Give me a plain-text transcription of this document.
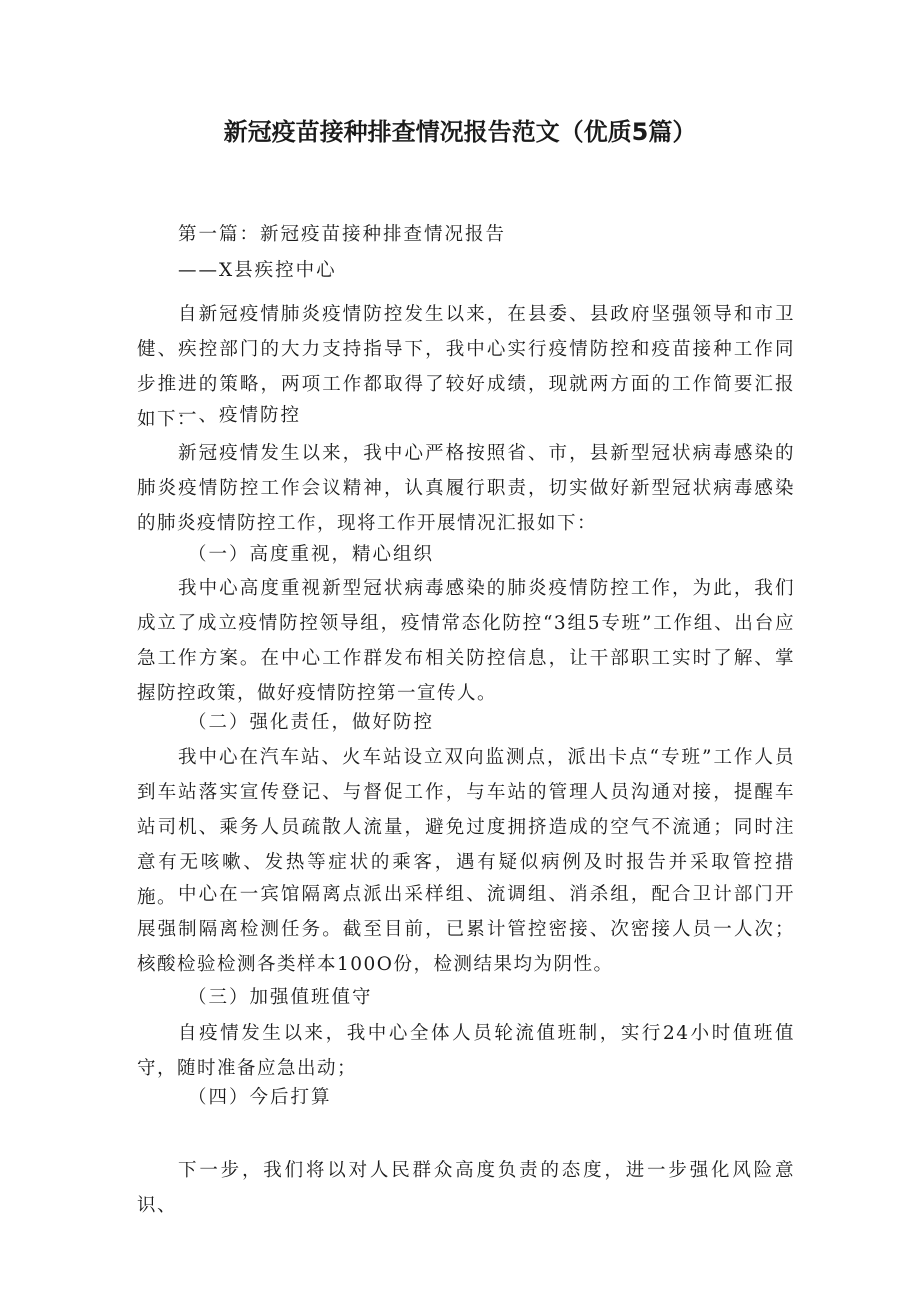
新冠疫苗接种排查情况报告范文（优质5篇）
第一篇：新冠疫苗接种排查情况报告
——X县疾控中心
自新冠疫情肺炎疫情防控发生以来，在县委、县政府坚强领导和市卫健、疾控部门的大力支持指导下，我中心实行疫情防控和疫苗接种工作同步推进的策略，两项工作都取得了较好成绩，现就两方面的工作简要汇报如下：
一、疫情防控
新冠疫情发生以来，我中心严格按照省、市，县新型冠状病毒感染的肺炎疫情防控工作会议精神，认真履行职责，切实做好新型冠状病毒感染的肺炎疫情防控工作，现将工作开展情况汇报如下：
（一）高度重视，精心组织
我中心高度重视新型冠状病毒感染的肺炎疫情防控工作，为此，我们成立了成立疫情防控领导组，疫情常态化防控“3组5专班”工作组、出台应急工作方案。在中心工作群发布相关防控信息，让干部职工实时了解、掌握防控政策，做好疫情防控第一宣传人。
（二）强化责任，做好防控
我中心在汽车站、火车站设立双向监测点，派出卡点“专班”工作人员到车站落实宣传登记、与督促工作，与车站的管理人员沟通对接，提醒车站司机、乘务人员疏散人流量，避免过度拥挤造成的空气不流通；同时注意有无咳嗽、发热等症状的乘客，遇有疑似病例及时报告并采取管控措施。 中心在一宾馆隔离点派出采样组、流调组、消杀组，配合卫计部门开展强制隔离检测任务。截至目前，已累计管控密接、次密接人员一人次；核酸检验检测各类样本100O份，检测结果均为阴性。
（三）加强值班值守
自疫情发生以来，我中心全体人员轮流值班制，实行24小时值班值守，随时准备应急出动；
（四）今后打算
下一步，我们将以对人民群众高度负责的态度，进一步强化风险意识、
